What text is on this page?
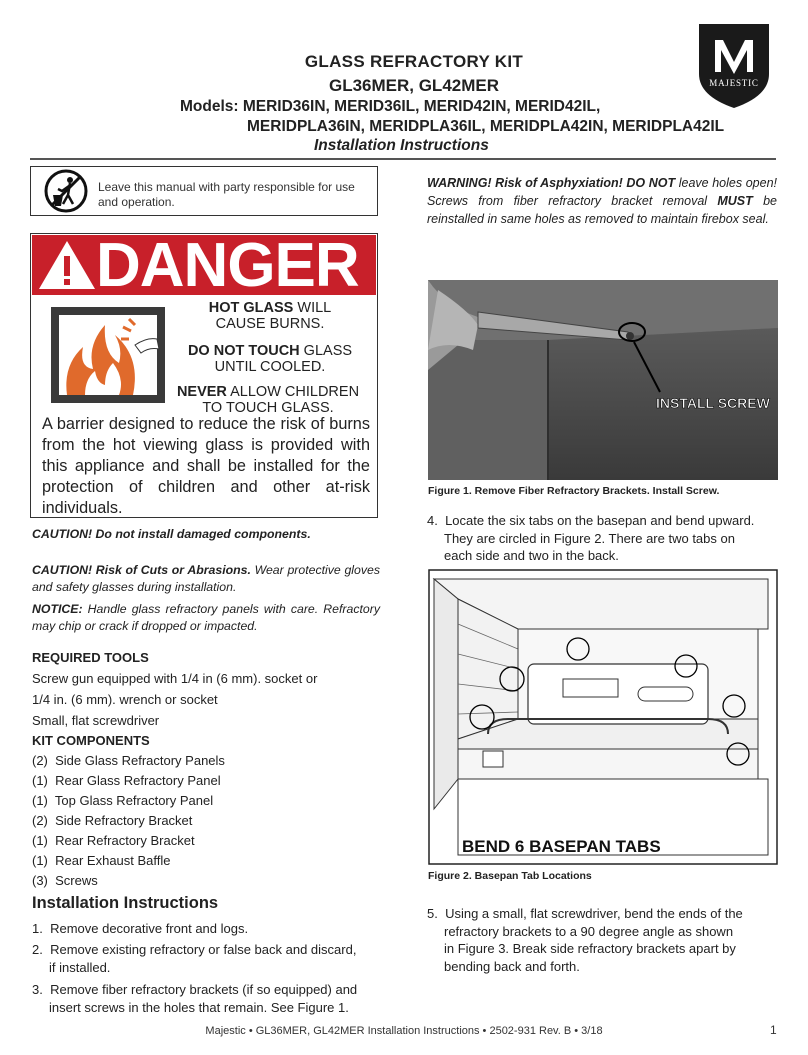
GLASS REFRACTORY KIT
GL36MER, GL42MER
Models: MERID36IN, MERID36IL, MERID42IN, MERID42IL,
MERIDPLA36IN, MERIDPLA36IL, MERIDPLA42IN, MERIDPLA42IL
Installation Instructions
MAJESTIC
Leave this manual with party responsible for use and operation.
DANGER
HOT GLASS WILL
CAUSE BURNS.
DO NOT TOUCH GLASS
UNTIL COOLED.
NEVER ALLOW CHILDREN
TO TOUCH GLASS.
A barrier designed to reduce the risk of burns from the hot viewing glass is provided with this appliance and shall be installed for the protection of children and other at-risk individuals.
CAUTION! Do not install damaged components.
CAUTION! Risk of Cuts or Abrasions. Wear protective gloves and safety glasses during installation.
NOTICE: Handle glass refractory panels with care. Refractory may chip or crack if dropped or impacted.
REQUIRED TOOLS
Screw gun equipped with 1/4 in (6 mm). socket or
1/4 in. (6 mm). wrench or socket
Small, flat screwdriver
KIT COMPONENTS
(2) Side Glass Refractory Panels
(1) Rear Glass Refractory Panel
(1) Top Glass Refractory Panel
(2) Side Refractory Bracket
(1) Rear Refractory Bracket
(1) Rear Exhaust Baffle
(3) Screws
Installation Instructions
1. Remove decorative front and logs.
2. Remove existing refractory or false back and discard,
if installed.
3. Remove fiber refractory brackets (if so equipped) and
insert screws in the holes that remain. See Figure 1.
WARNING! Risk of Asphyxiation! DO NOT leave holes open! Screws from fiber refractory bracket removal MUST be reinstalled in same holes as removed to maintain firebox seal.
INSTALL SCREW
Figure 1. Remove Fiber Refractory Brackets. Install Screw.
4. Locate the six tabs on the basepan and bend upward.
They are circled in Figure 2. There are two tabs on
each side and two in the back.
BEND 6 BASEPAN TABS
Figure 2. Basepan Tab Locations
5. Using a small, flat screwdriver, bend the ends of the
refractory brackets to a 90 degree angle as shown
in Figure 3. Break side refractory brackets apart by
bending back and forth.
Majestic • GL36MER, GL42MER Installation Instructions • 2502-931 Rev. B • 3/18	1
